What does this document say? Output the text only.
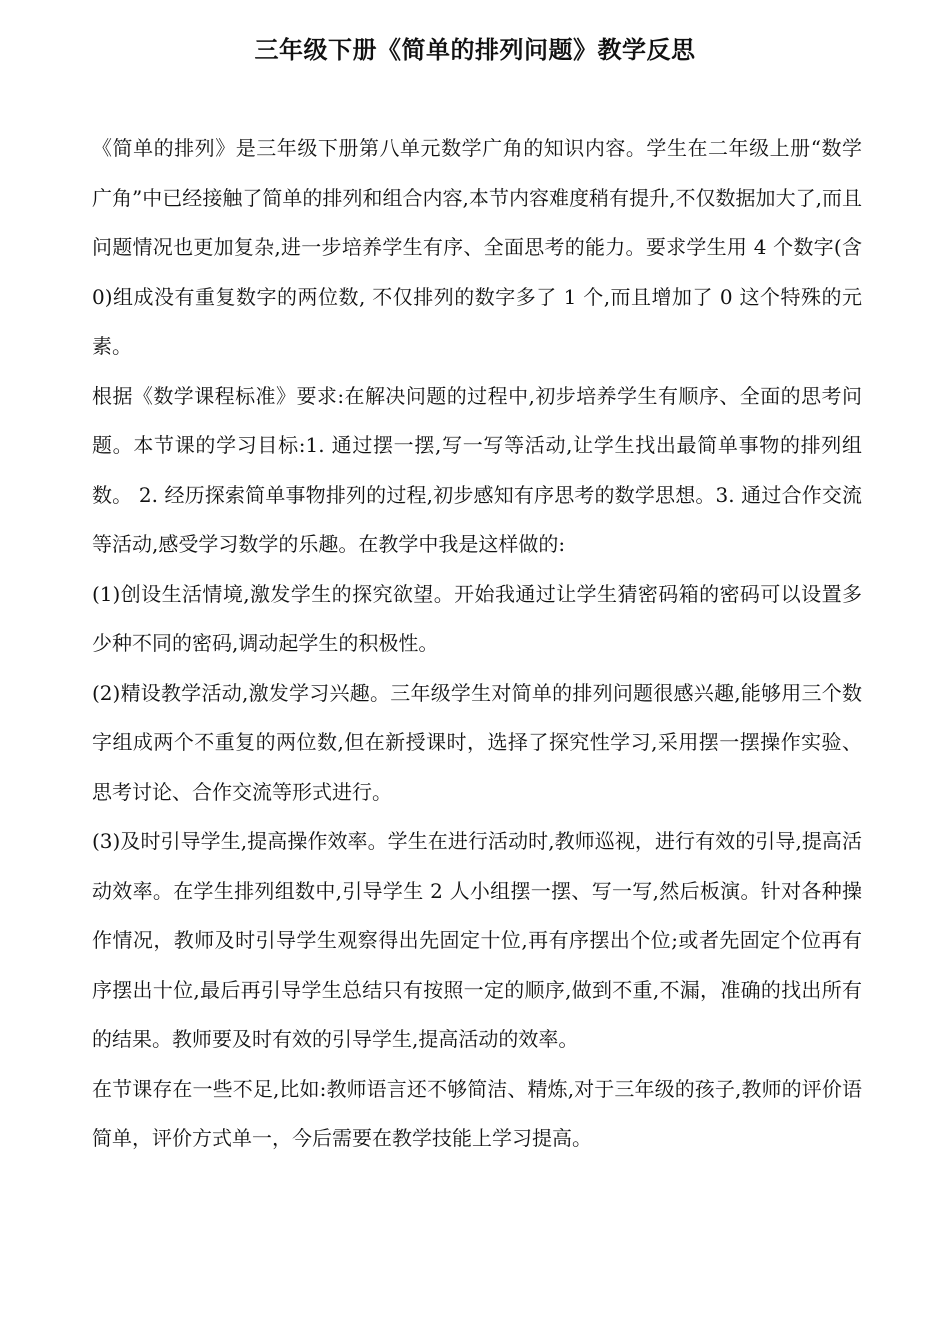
三年级下册《简单的排列问题》教学反思

《简单的排列》是三年级下册第八单元数学广角的知识内容。学生在二年级上册“数学广角”中已经接触了简单的排列和组合内容,本节内容难度稍有提升,不仅数据加大了,而且问题情况也更加复杂,进一步培养学生有序、全面思考的能力。要求学生用 4 个数字(含 0)组成没有重复数字的两位数, 不仅排列的数字多了 1 个,而且增加了 0 这个特殊的元素。

根据《数学课程标准》要求:在解决问题的过程中,初步培养学生有顺序、全面的思考问题。本节课的学习目标:1. 通过摆一摆,写一写等活动,让学生找出最简单事物的排列组数。 2. 经历探索简单事物排列的过程,初步感知有序思考的数学思想。3. 通过合作交流等活动,感受学习数学的乐趣。在教学中我是这样做的:

(1)创设生活情境,激发学生的探究欲望。开始我通过让学生猜密码箱的密码可以设置多少种不同的密码,调动起学生的积极性。

(2)精设教学活动,激发学习兴趣。三年级学生对简单的排列问题很感兴趣,能够用三个数字组成两个不重复的两位数,但在新授课时，选择了探究性学习,采用摆一摆操作实验、思考讨论、合作交流等形式进行。

(3)及时引导学生,提高操作效率。学生在进行活动时,教师巡视，进行有效的引导,提高活动效率。在学生排列组数中,引导学生 2 人小组摆一摆、写一写,然后板演。针对各种操作情况，教师及时引导学生观察得出先固定十位,再有序摆出个位;或者先固定个位再有序摆出十位,最后再引导学生总结只有按照一定的顺序,做到不重,不漏，准确的找出所有的结果。教师要及时有效的引导学生,提高活动的效率。

在节课存在一些不足,比如:教师语言还不够简洁、精炼,对于三年级的孩子,教师的评价语简单，评价方式单一，今后需要在教学技能上学习提高。
